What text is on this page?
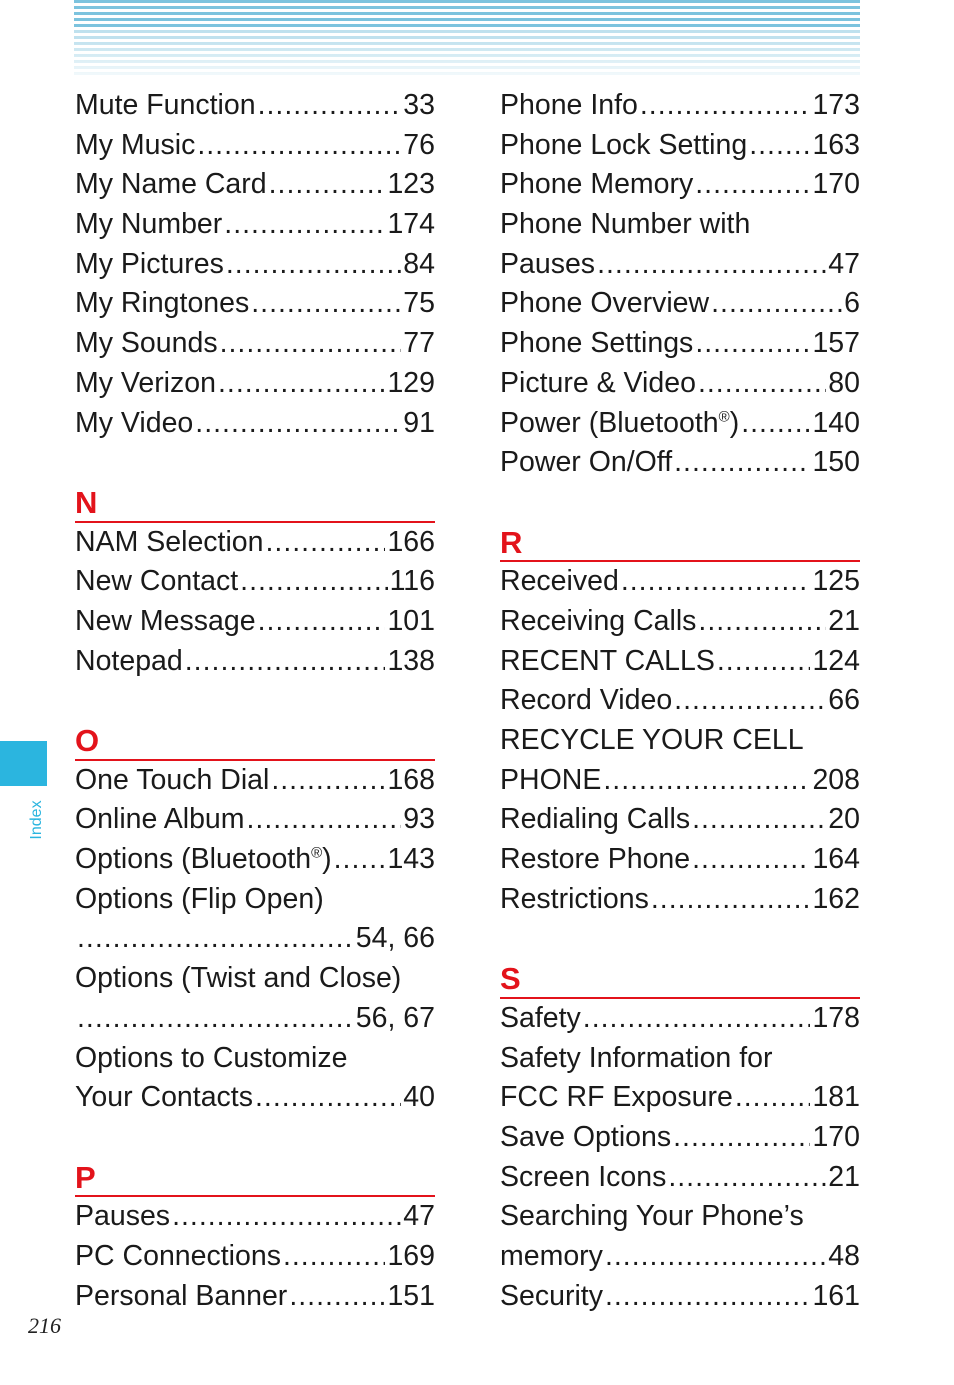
Index
216
Mute Function .....	33
My Music .....	76
My Name Card .....	123
My Number .....	174
My Pictures .....	84
My Ringtones .....	75
My Sounds .....	77
My Verizon .....	129
My Video .....	91
N
NAM Selection .....	166
New Contact .....	116
New Message .....	101
Notepad .....	138
O
One Touch Dial .....	168
Online Album .....	93
Options (Bluetooth®) ..... 143
Options (Flip Open)
.....
54, 66
Options (Twist and Close)
.....
56, 67
Options to Customize
Your Contacts .....	40
P
Pauses .....	47
PC Connections .....	169
Personal Banner .....	151
Phone Info .....	173
Phone Lock Setting ..... 163
Phone Memory .....	170
Phone Number with
Pauses .....	47
Phone Overview .....	6
Phone Settings .....	157
Picture & Video .....	80
Power (Bluetooth®) .....	140
Power On/Off .....	150
R
Received .....	125
Receiving Calls .....	21
RECENT CALLS .....	124
Record Video .....	66
RECYCLE YOUR CELL
PHONE .....	208
Redialing Calls .....	20
Restore Phone .....	164
Restrictions .....	162
S
Safety .....	178
Safety Information for
FCC RF Exposure .....	181
Save Options .....	170
Screen Icons .....	21
Searching Your Phone’s
memory .....	48
Security .....	161
